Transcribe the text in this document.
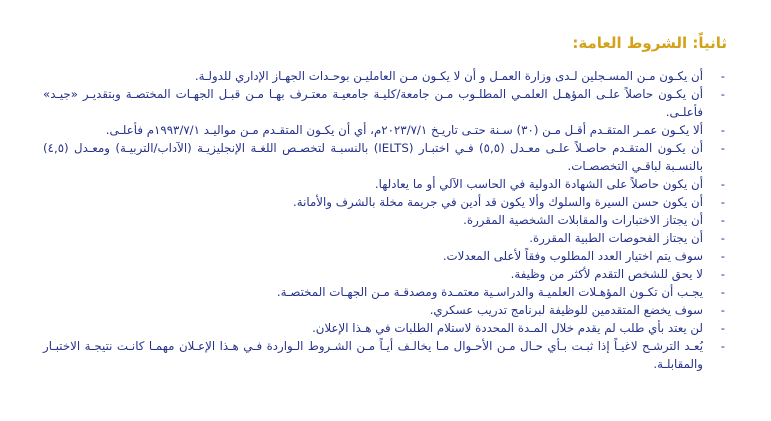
ثانياً: الشروط العامة:
-
أن يكـون مـن المسـجلين لـدى وزارة العمـل و أن لا يكـون مـن العامليـن بوحـدات الجهـاز الإداري للدولـة.
-
أن يكـون حاصلاً علـى المؤهـل العلمـي المطلـوب مـن جامعة/كليـة جامعيـة معتـرف بهـا مـن قبـل الجهـات المختصـة وبتقديـر «جيـد» فأعلـى.
-
ألا يكـون عمـر المتقـدم أقـل مـن (٣٠) سـنة حتـى تاريـخ ٢٠٢٣/٧/١م، أي أن يكـون المتقـدم مـن مواليـد ١٩٩٣/٧/١م فأعلـى.
-
أن يكـون المتقـدم حاصـلاً علـى معـدل (٥,٥) فـي اختبـار (IELTS) بالنسبـة لتخصـص اللغـة الإنجليزيـة (الآداب/التربيـة) ومعـدل (٤,٥) بالنسـبة لباقـي التخصصـات.
-
أن يكون حاصلاً على الشهادة الدولية في الحاسب الآلي أو ما يعادلها.
-
أن يكون حسن السيرة والسلوك وألا يكون قد أدين في جريمة مخلة بالشرف والأمانة.
-
أن يجتاز الاختبارات والمقابلات الشخصية المقررة.
-
أن يجتاز الفحوصات الطبية المقررة.
-
سوف يتم اختيار العدد المطلوب وفقاً لأعلى المعدلات.
-
لا يحق للشخص التقدم لأكثر من وظيفة.
-
يجـب أن تكـون المؤهـلات العلميـة والدراسـية معتمـدة ومصدقـة مـن الجهـات المختصـة.
-
سوف يخضع المتقدمين للوظيفة لبرنامج تدريب عسكري.
-
لن يعتد بأي طلب لم يقدم خلال المـدة المحددة لاستلام الطلبات في هـذا الإعلان.
-
يُعـد الترشـح لاغيـاً إذا ثبـت بـأي حـال مـن الأحـوال مـا يخالـف أيـاً مـن الشـروط الـواردة فـي هـذا الإعـلان مهمـا كانـت نتيجـة الاختبـار والمقابلـة.
